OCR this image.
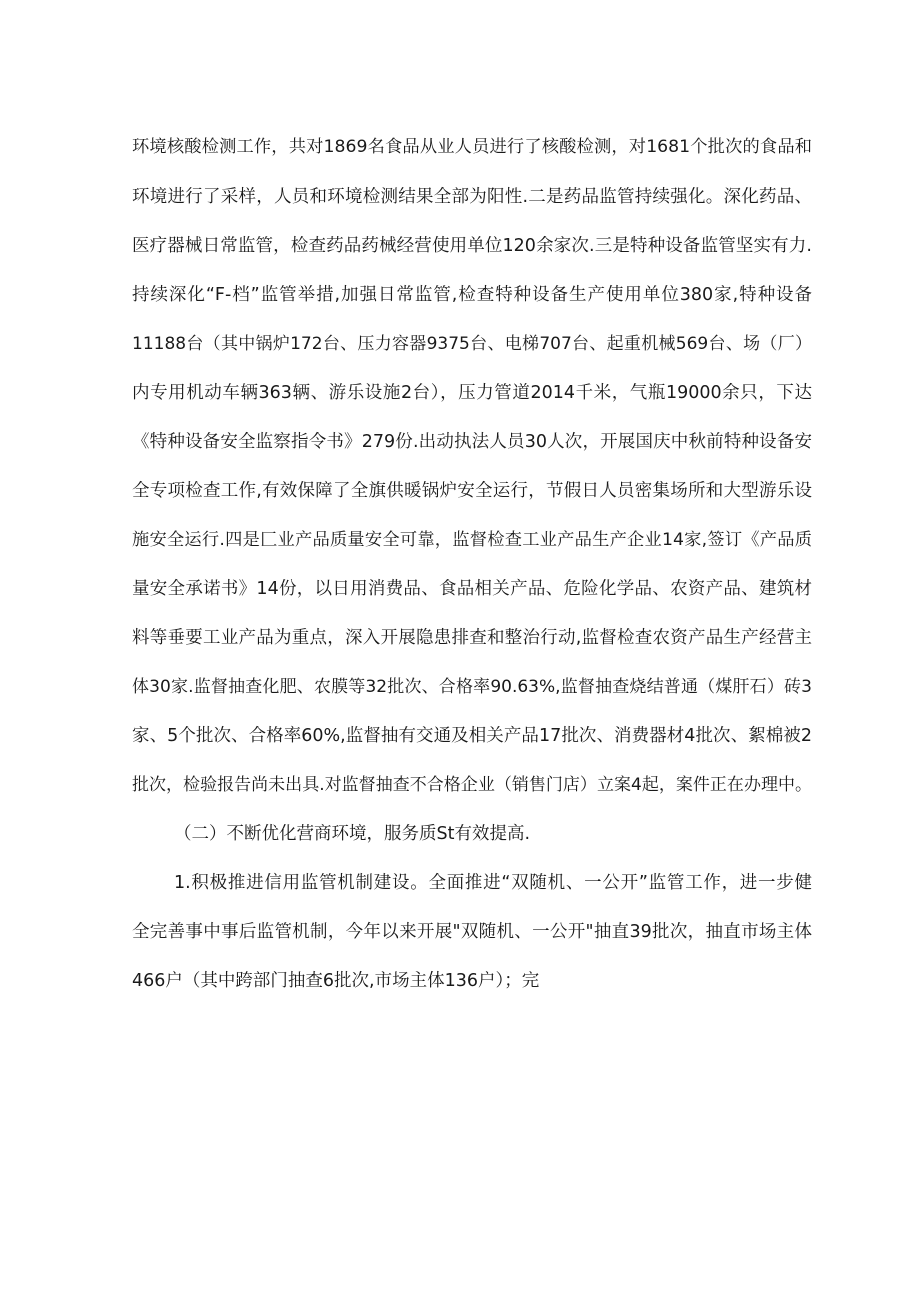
环境核酸检测工作，共对1869名食品从业人员进行了核酸检测，对1681个批次的食品和
环境进行了采样，人员和环境检测结果全部为阳性.二是药品监管持续强化。深化药品、
医疗器械日常监管，检查药品药械经营使用单位120余家次.三是特种设备监管坚实有力.
持续深化“F-档”监管举措,加强日常监管,检查特种设备生产使用单位380家,特种设备
11188台（其中锅炉172台、压力容器9375台、电梯707台、起重机械569台、场（厂）
内专用机动车辆363辆、游乐设施2台），压力管道2014千米，气瓶19000余只，下达
《特种设备安全监察指令书》279份.出动执法人员30人次，开展国庆中秋前特种设备安
全专项检查工作,有效保障了全旗供暖锅炉安全运行，节假日人员密集场所和大型游乐设
施安全运行.四是匚业产品质量安全可靠，监督检查工业产品生产企业14家,签订《产品质
量安全承诺书》14份，以日用消费品、食品相关产品、危险化学品、农资产品、建筑材
料等垂要工业产品为重点，深入开展隐患排查和整治行动,监督检查农资产品生产经营主
体30家.监督抽查化肥、农膜等32批次、合格率90.63%,监督抽查烧结普通（煤肝石）砖3
家、5个批次、合格率60%,监督抽有交通及相关产品17批次、消费器材4批次、絮棉被2
批次，检验报告尚未出具.对监督抽查不合格企业（销售门店）立案4起，案件正在办理中。
（二）不断优化营商环境，服务质St有效提高.
1.积极推进信用监管机制建设。全面推进“双随机、一公开”监管工作，进一步健
全完善事中事后监管机制，今年以来开展"双随机、一公开"抽直39批次，抽直市场主体
466户（其中跨部门抽查6批次,市场主体136户）；完
